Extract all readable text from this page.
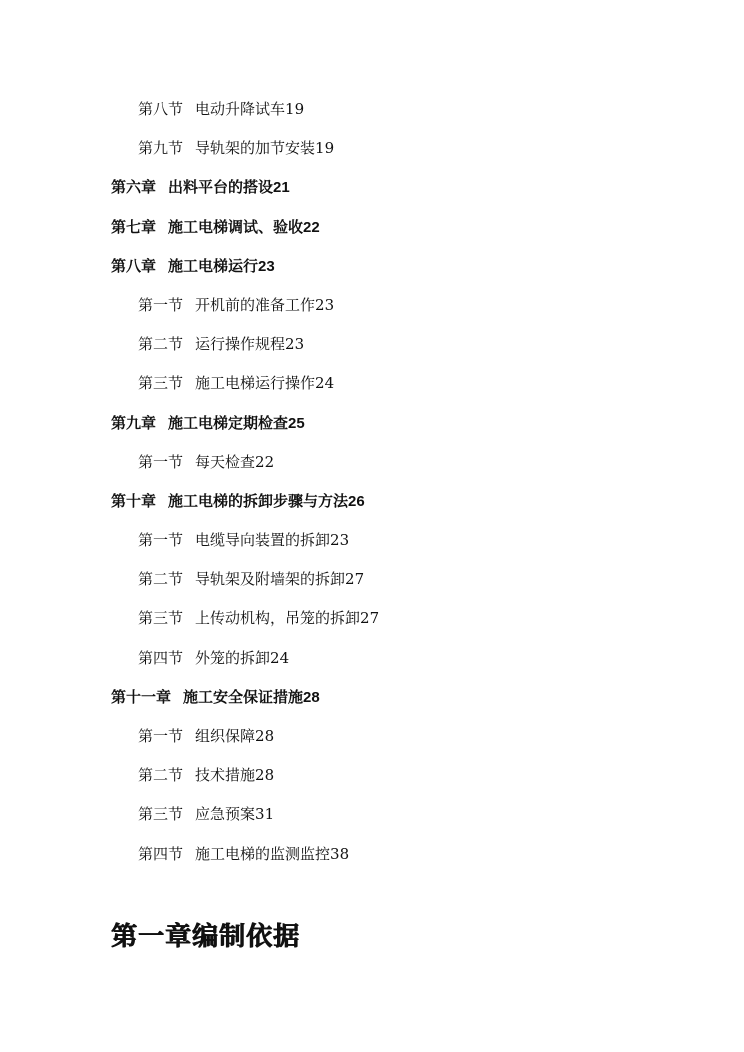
第八节 电动升降试车19
第九节 导轨架的加节安装19
第六章 出料平台的搭设21
第七章 施工电梯调试、验收22
第八章 施工电梯运行23
第一节 开机前的准备工作23
第二节 运行操作规程23
第三节 施工电梯运行操作24
第九章 施工电梯定期检查25
第一节 每天检查22
第十章 施工电梯的拆卸步骤与方法26
第一节 电缆导向装置的拆卸23
第二节 导轨架及附墙架的拆卸27
第三节 上传动机构，吊笼的拆卸27
第四节 外笼的拆卸24
第十一章 施工安全保证措施28
第一节 组织保障28
第二节 技术措施28
第三节 应急预案31
第四节 施工电梯的监测监控38
第一章编制依据
